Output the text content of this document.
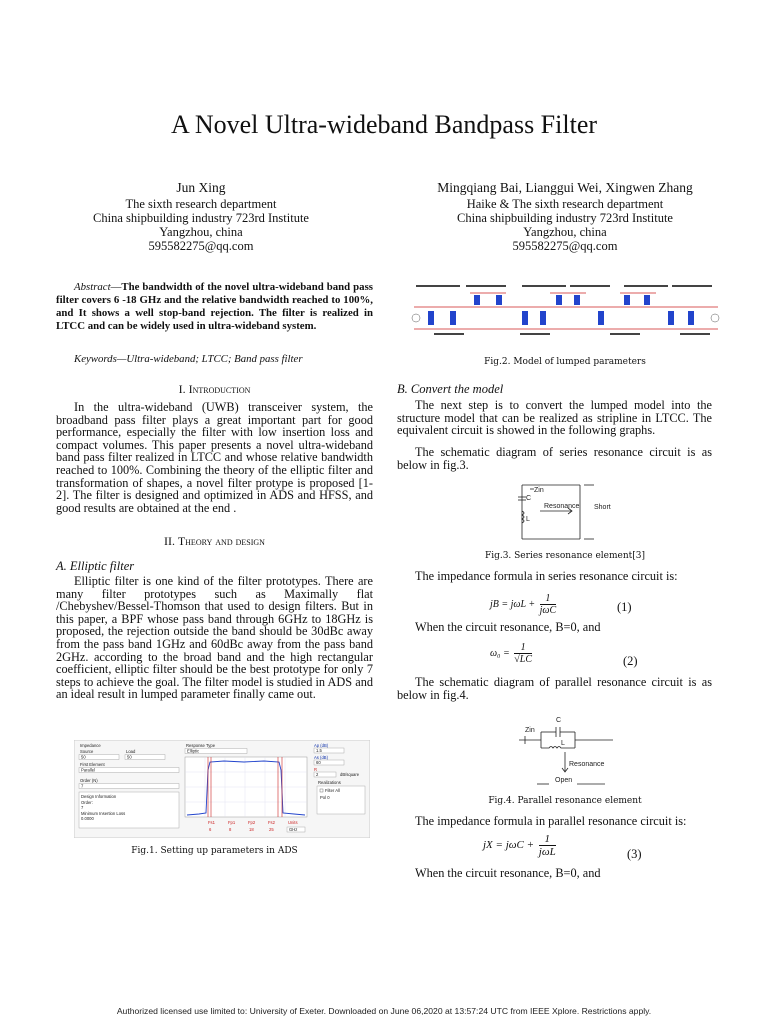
A Novel Ultra-wideband Bandpass Filter
Jun Xing
The sixth research department
China shipbuilding industry 723rd Institute
Yangzhou, china
595582275@qq.com
Mingqiang Bai, Lianggui Wei, Xingwen Zhang
Haike & The sixth research department
China shipbuilding industry 723rd Institute
Yangzhou, china
595582275@qq.com
Abstract—The bandwidth of the novel ultra-wideband band pass filter covers 6 -18 GHz and the relative bandwidth reached to 100%, and It shows a well stop-band rejection. The filter is realized in LTCC and can be widely used in ultra-wideband system.
Keywords—Ultra-wideband; LTCC; Band pass filter
I. Introduction

In the ultra-wideband (UWB) transceiver system, the broadband pass filter plays a great important part for good performance, especially the filter with low insertion loss and compact volumes. This paper presents a novel ultra-wideband band pass filter realized in LTCC and whose relative bandwidth reached to 100%. Combining the theory of the elliptic filter and transformation of shapes, a novel filter protype is proposed [1-2]. The filter is designed and optimized in ADS and HFSS, and good results are obtained at the end .

II. Theory and design
A. Elliptic filter

Elliptic filter is one kind of the filter prototypes. There are many filter prototypes such as Maximally flat /Chebyshev/Bessel-Thomson that used to design filters. But in this paper, a BPF whose pass band through 6GHz to 18GHz is proposed, the rejection outside the band should be 30dBc away from the pass band 1GHz and 60dBc away from the pass band 2GHz. according to the broad band and the high rectangular coefficient, elliptic filter should be the best prototype for only 7 steps to achieve the goal. The filter model is studied in ADS and an ideal result in lumped parameter finally came out.

Impedance
Source	Load
50	50
First Element
Parallel
Order (N)
7
Design Information
Order:
7
Minimum Insertion Loss
0.0000
Response Type
Elliptic
Ap (dB)
1.5
As (dB)
60
R
2	dB/square
Realizations
Filter All
Pol 0
Fs1	Fp1	Fp2	Fs2	Units
6	8	18	25	GHz
Fig.1. Setting up parameters in ADS
Fig.2. Model of lumped parameters
B. Convert the model

The next step is to convert the lumped model into the structure model that can be realized as stripline in LTCC. The equivalent circuit is showed in the following graphs.

The schematic diagram of series resonance circuit is as below in fig.3.

Zin
C
L
Resonance Short
Fig.3. Series resonance element[3]

The impedance formula in series resonance circuit is:

jB = jωL +
1
jωC	(1)

When the circuit resonance, B=0, and

$\omega_0 = \frac{1}{√LC}$	(2)

The schematic diagram of parallel resonance circuit is as below in fig.4.

Zin
C
L
Resonance
Open
Fig.4. Parallel resonance element

The impedance formula in parallel resonance circuit is:

jX = jωC +
1
jωL	(3)

When the circuit resonance, B=0, and

Authorized licensed use limited to: University of Exeter. Downloaded on June 06,2020 at 13:57:24 UTC from IEEE Xplore. Restrictions apply.
